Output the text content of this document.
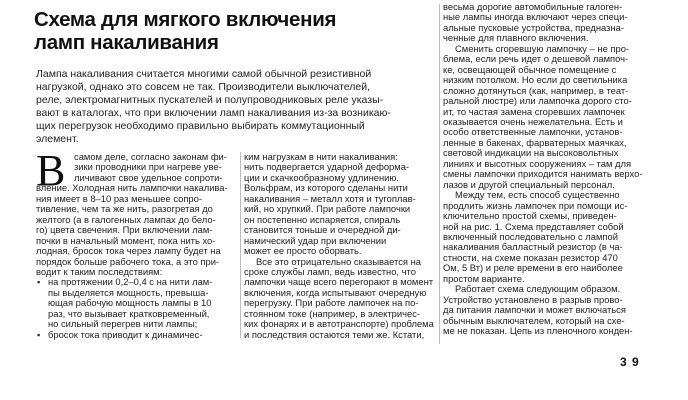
Схема для мягкого включения
ламп накаливания
Лампа накаливания считается многими самой обычной резистивной
нагрузкой, однако это совсем не так. Производители выключателей,
реле, электромагнитных пускателей и полупроводниковых реле указы-
вают в каталогах, что при включении ламп накаливания из-за возникаю-
щих перегрузок необходимо правильно выбирать коммутационный
элемент.
В самом деле, согласно законам фи-
зики проводники при нагреве уве-
личивают свое удельное сопроти-
вление. Холодная нить лампочки накалива-
ния имеет в 8–10 раз меньшее сопро-
тивление, чем та же нить, разогретая до
желтого (а в галогенных лампах до бело-
го) цвета свечения. При включении лам-
почки в начальный момент, пока нить хо-
лодная, бросок тока через лампу будет на
порядок больше рабочего тока, а это при-
водит к таким последствиям:
▪ на протяжении 0,2–0,4 с на нити лам-
пы выделяется мощность, превыша-
ющая рабочую мощность лампы в 10
раз, что вызывает кратковременный,
но сильный перегрев нити лампы;
▪ бросок тока приводит к динамичес-
ким нагрузкам в нити накаливания:
нить подвергается ударной деформа-
ции и скачкообразному удлинению.
Вольфрам, из которого сделаны нити
накаливания – металл хотя и тугоплав-
кий, но хрупкий. При работе лампочки
он постепенно испаряется, спираль
становится тоньше и очередной ди-
намический удар при включении
может ее просто оборвать.
Все это отрицательно сказывается на
сроке службы ламп, ведь известно, что
лампочки чаще всего перегорают в момент
включения, когда испытывают очередную
перегрузку. При работе лампочек на по-
стоянном токе (например, в электричес-
ких фонарях и в автотранспорте) проблема
и последствия остаются теми же. Кстати,
весьма дорогие автомобильные галоген-
ные лампы иногда включают через специ-
альные пусковые устройства, предназна-
ченные для плавного включения.
Сменить сгоревшую лампочку – не про-
блема, если речь идет о дешевой лампоч-
ке, освещающей обычное помещение с
низким потолком. Но если до светильника
сложно дотянуться (как, например, в теат-
ральной люстре) или лампочка дорого сто-
ит, то частая замена сгоревших лампочек
оказывается очень нежелательна. Есть и
особо ответственные лампочки, установ-
ленные в бакенах, фарватерных маячках,
световой индикации на высоковольтных
линиях и высотных сооружениях – там для
смены лампочки приходится нанимать верхо-
лазов и другой специальный персонал.
Между тем, есть способ существенно
продлить жизнь лампочек при помощи ис-
ключительно простой схемы, приведен-
ной на рис. 1. Схема представляет собой
включенный последовательно с лампой
накаливания балластный резистор (в ча-
стности, на схеме показан резистор 470
Ом, 5 Вт) и реле времени в его наиболее
простом варианте.
Работает схема следующим образом.
Устройство установлено в разрыв прово-
да питания лампочки и может включаться
обычным выключателем, который на схе-
ме не показан. Цепь из пленочного конден-
3 9
